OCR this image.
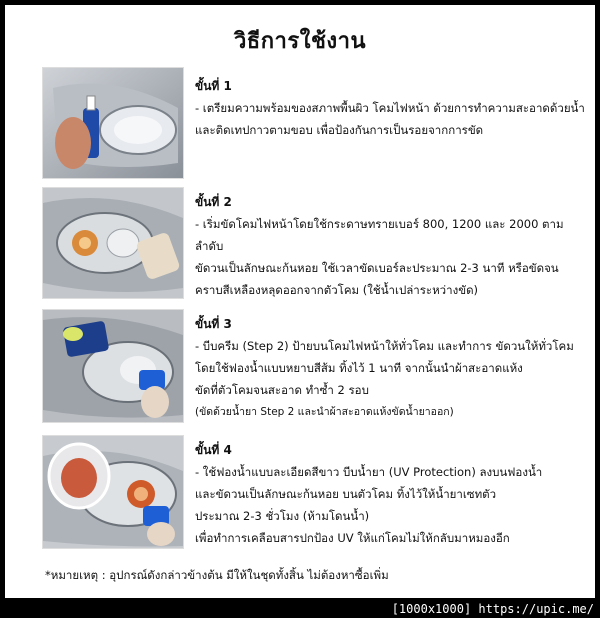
วิธีการใช้งาน
ขั้นที่ 1
- เตรียมความพร้อมของสภาพพื้นผิว โคมไฟหน้า ด้วยการทำความสะอาดด้วยน้ำ
และติดเทปกาวตามขอบ เพื่อป้องกันการเป็นรอยจากการขัด
ขั้นที่ 2
- เริ่มขัดโคมไฟหน้าโดยใช้กระดาษทรายเบอร์ 800, 1200 และ 2000 ตามลำดับ
ขัดวนเป็นลักษณะก้นหอย ใช้เวลาขัดเบอร์ละประมาณ 2-3 นาที หรือขัดจน
คราบสีเหลืองหลุดออกจากตัวโคม (ใช้น้ำเปล่าระหว่างขัด)
ขั้นที่ 3
- บีบครีม (Step 2) ป้ายบนโคมไฟหน้าให้ทั่วโคม และทำการ ขัดวนให้ทั่วโคม
โดยใช้ฟองน้ำแบบหยาบสีส้ม ทิ้งไว้ 1 นาที จากนั้นนำผ้าสะอาดแห้ง
ขัดที่ตัวโคมจนสะอาด ทำซ้ำ 2 รอบ
(ขัดด้วยน้ำยา Step 2 และนำผ้าสะอาดแห้งขัดน้ำยาออก)
ขั้นที่ 4
- ใช้ฟองน้ำแบบละเอียดสีขาว บีบน้ำยา (UV Protection) ลงบนฟองน้ำ
และขัดวนเป็นลักษณะก้นหอย บนตัวโคม ทิ้งไว้ให้น้ำยาเซทตัว
ประมาณ 2-3 ชั่วโมง (ห้ามโดนน้ำ)
เพื่อทำการเคลือบสารปกป้อง UV ให้แก่โคมไม่ให้กลับมาหมองอีก
*หมายเหตุ : อุปกรณ์ดังกล่าวข้างต้น มีให้ในชุดทั้งสิ้น ไม่ต้องหาซื้อเพิ่ม
[1000x1000] https://upic.me/
